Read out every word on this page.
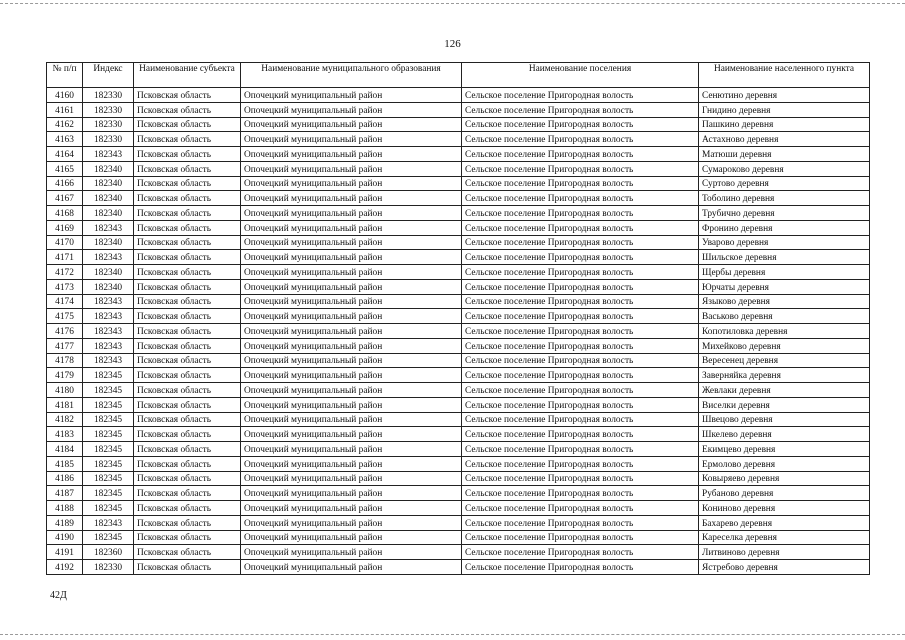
126
№ п/п	Индекс	Наименование субъекта	Наименование муниципального образования	Наименование поселения	Наименование населенного пункта
4160	182330	Псковская область	Опочецкий муниципальный район	Сельское поселение Пригородная волость	Сенютино деревня
4161	182330	Псковская область	Опочецкий муниципальный район	Сельское поселение Пригородная волость	Гнидино деревня
4162	182330	Псковская область	Опочецкий муниципальный район	Сельское поселение Пригородная волость	Пашкино деревня
4163	182330	Псковская область	Опочецкий муниципальный район	Сельское поселение Пригородная волость	Астахново деревня
4164	182343	Псковская область	Опочецкий муниципальный район	Сельское поселение Пригородная волость	Матюши деревня
4165	182340	Псковская область	Опочецкий муниципальный район	Сельское поселение Пригородная волость	Сумароково деревня
4166	182340	Псковская область	Опочецкий муниципальный район	Сельское поселение Пригородная волость	Суртово деревня
4167	182340	Псковская область	Опочецкий муниципальный район	Сельское поселение Пригородная волость	Тоболино деревня
4168	182340	Псковская область	Опочецкий муниципальный район	Сельское поселение Пригородная волость	Трубично деревня
4169	182343	Псковская область	Опочецкий муниципальный район	Сельское поселение Пригородная волость	Фронино деревня
4170	182340	Псковская область	Опочецкий муниципальный район	Сельское поселение Пригородная волость	Уварово деревня
4171	182343	Псковская область	Опочецкий муниципальный район	Сельское поселение Пригородная волость	Шильское деревня
4172	182340	Псковская область	Опочецкий муниципальный район	Сельское поселение Пригородная волость	Щербы деревня
4173	182340	Псковская область	Опочецкий муниципальный район	Сельское поселение Пригородная волость	Юрчаты деревня
4174	182343	Псковская область	Опочецкий муниципальный район	Сельское поселение Пригородная волость	Языково деревня
4175	182343	Псковская область	Опочецкий муниципальный район	Сельское поселение Пригородная волость	Васьково деревня
4176	182343	Псковская область	Опочецкий муниципальный район	Сельское поселение Пригородная волость	Копотиловка деревня
4177	182343	Псковская область	Опочецкий муниципальный район	Сельское поселение Пригородная волость	Михейково деревня
4178	182343	Псковская область	Опочецкий муниципальный район	Сельское поселение Пригородная волость	Вересенец деревня
4179	182345	Псковская область	Опочецкий муниципальный район	Сельское поселение Пригородная волость	Заверняйка деревня
4180	182345	Псковская область	Опочецкий муниципальный район	Сельское поселение Пригородная волость	Жевлаки деревня
4181	182345	Псковская область	Опочецкий муниципальный район	Сельское поселение Пригородная волость	Виселки деревня
4182	182345	Псковская область	Опочецкий муниципальный район	Сельское поселение Пригородная волость	Швецово деревня
4183	182345	Псковская область	Опочецкий муниципальный район	Сельское поселение Пригородная волость	Шкелево деревня
4184	182345	Псковская область	Опочецкий муниципальный район	Сельское поселение Пригородная волость	Екимцево деревня
4185	182345	Псковская область	Опочецкий муниципальный район	Сельское поселение Пригородная волость	Ермолово деревня
4186	182345	Псковская область	Опочецкий муниципальный район	Сельское поселение Пригородная волость	Ковыряево деревня
4187	182345	Псковская область	Опочецкий муниципальный район	Сельское поселение Пригородная волость	Рубаново деревня
4188	182345	Псковская область	Опочецкий муниципальный район	Сельское поселение Пригородная волость	Кониново деревня
4189	182343	Псковская область	Опочецкий муниципальный район	Сельское поселение Пригородная волость	Бахарево деревня
4190	182345	Псковская область	Опочецкий муниципальный район	Сельское поселение Пригородная волость	Кареселка деревня
4191	182360	Псковская область	Опочецкий муниципальный район	Сельское поселение Пригородная волость	Литвиново деревня
4192	182330	Псковская область	Опочецкий муниципальный район	Сельское поселение Пригородная волость	Ястребово деревня
42Д
